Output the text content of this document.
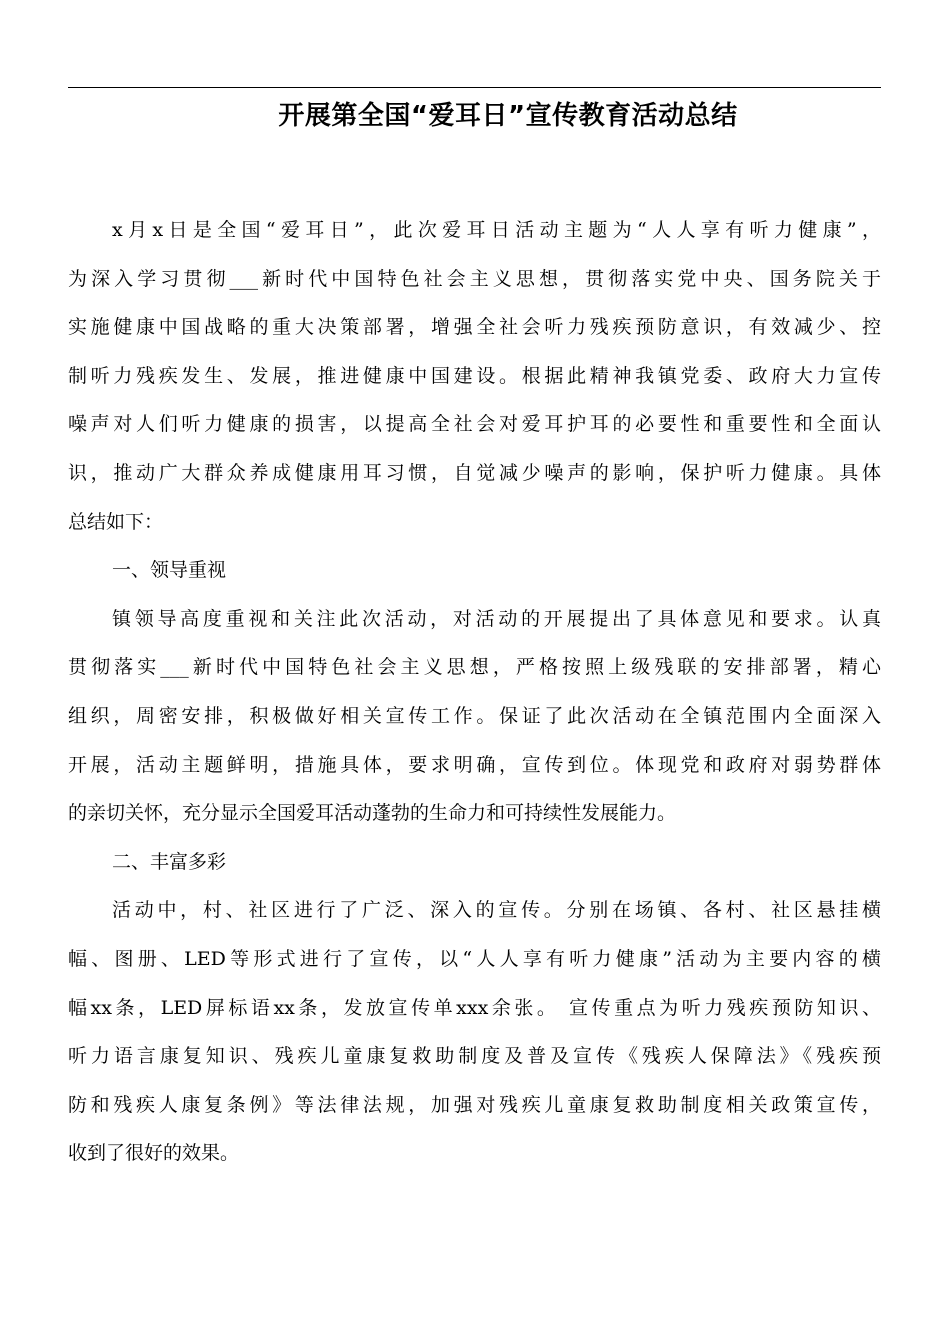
开展第全国“爱耳日”宣传教育活动总结
x月x日是全国“爱耳日”，此次爱耳日活动主题为“人人享有听力健康”，
为深入学习贯彻___新时代中国特色社会主义思想，贯彻落实党中央、国务院关于
实施健康中国战略的重大决策部署，增强全社会听力残疾预防意识，有效减少、控
制听力残疾发生、发展，推进健康中国建设。根据此精神我镇党委、政府大力宣传
噪声对人们听力健康的损害，以提高全社会对爱耳护耳的必要性和重要性和全面认
识，推动广大群众养成健康用耳习惯，自觉减少噪声的影响，保护听力健康。具体
总结如下：
一、领导重视
镇领导高度重视和关注此次活动，对活动的开展提出了具体意见和要求。认真
贯彻落实___新时代中国特色社会主义思想，严格按照上级残联的安排部署，精心
组织，周密安排，积极做好相关宣传工作。保证了此次活动在全镇范围内全面深入
开展，活动主题鲜明，措施具体，要求明确，宣传到位。体现党和政府对弱势群体
的亲切关怀，充分显示全国爱耳活动蓬勃的生命力和可持续性发展能力。
二、丰富多彩
活动中，村、社区进行了广泛、深入的宣传。分别在场镇、各村、社区悬挂横
幅、图册、LED等形式进行了宣传，以“人人享有听力健康”活动为主要内容的横
幅xx条，LED屏标语xx条，发放宣传单xxx余张。 宣传重点为听力残疾预防知识、
听力语言康复知识、残疾儿童康复救助制度及普及宣传《残疾人保障法》《残疾预
防和残疾人康复条例》等法律法规，加强对残疾儿童康复救助制度相关政策宣传，
收到了很好的效果。
